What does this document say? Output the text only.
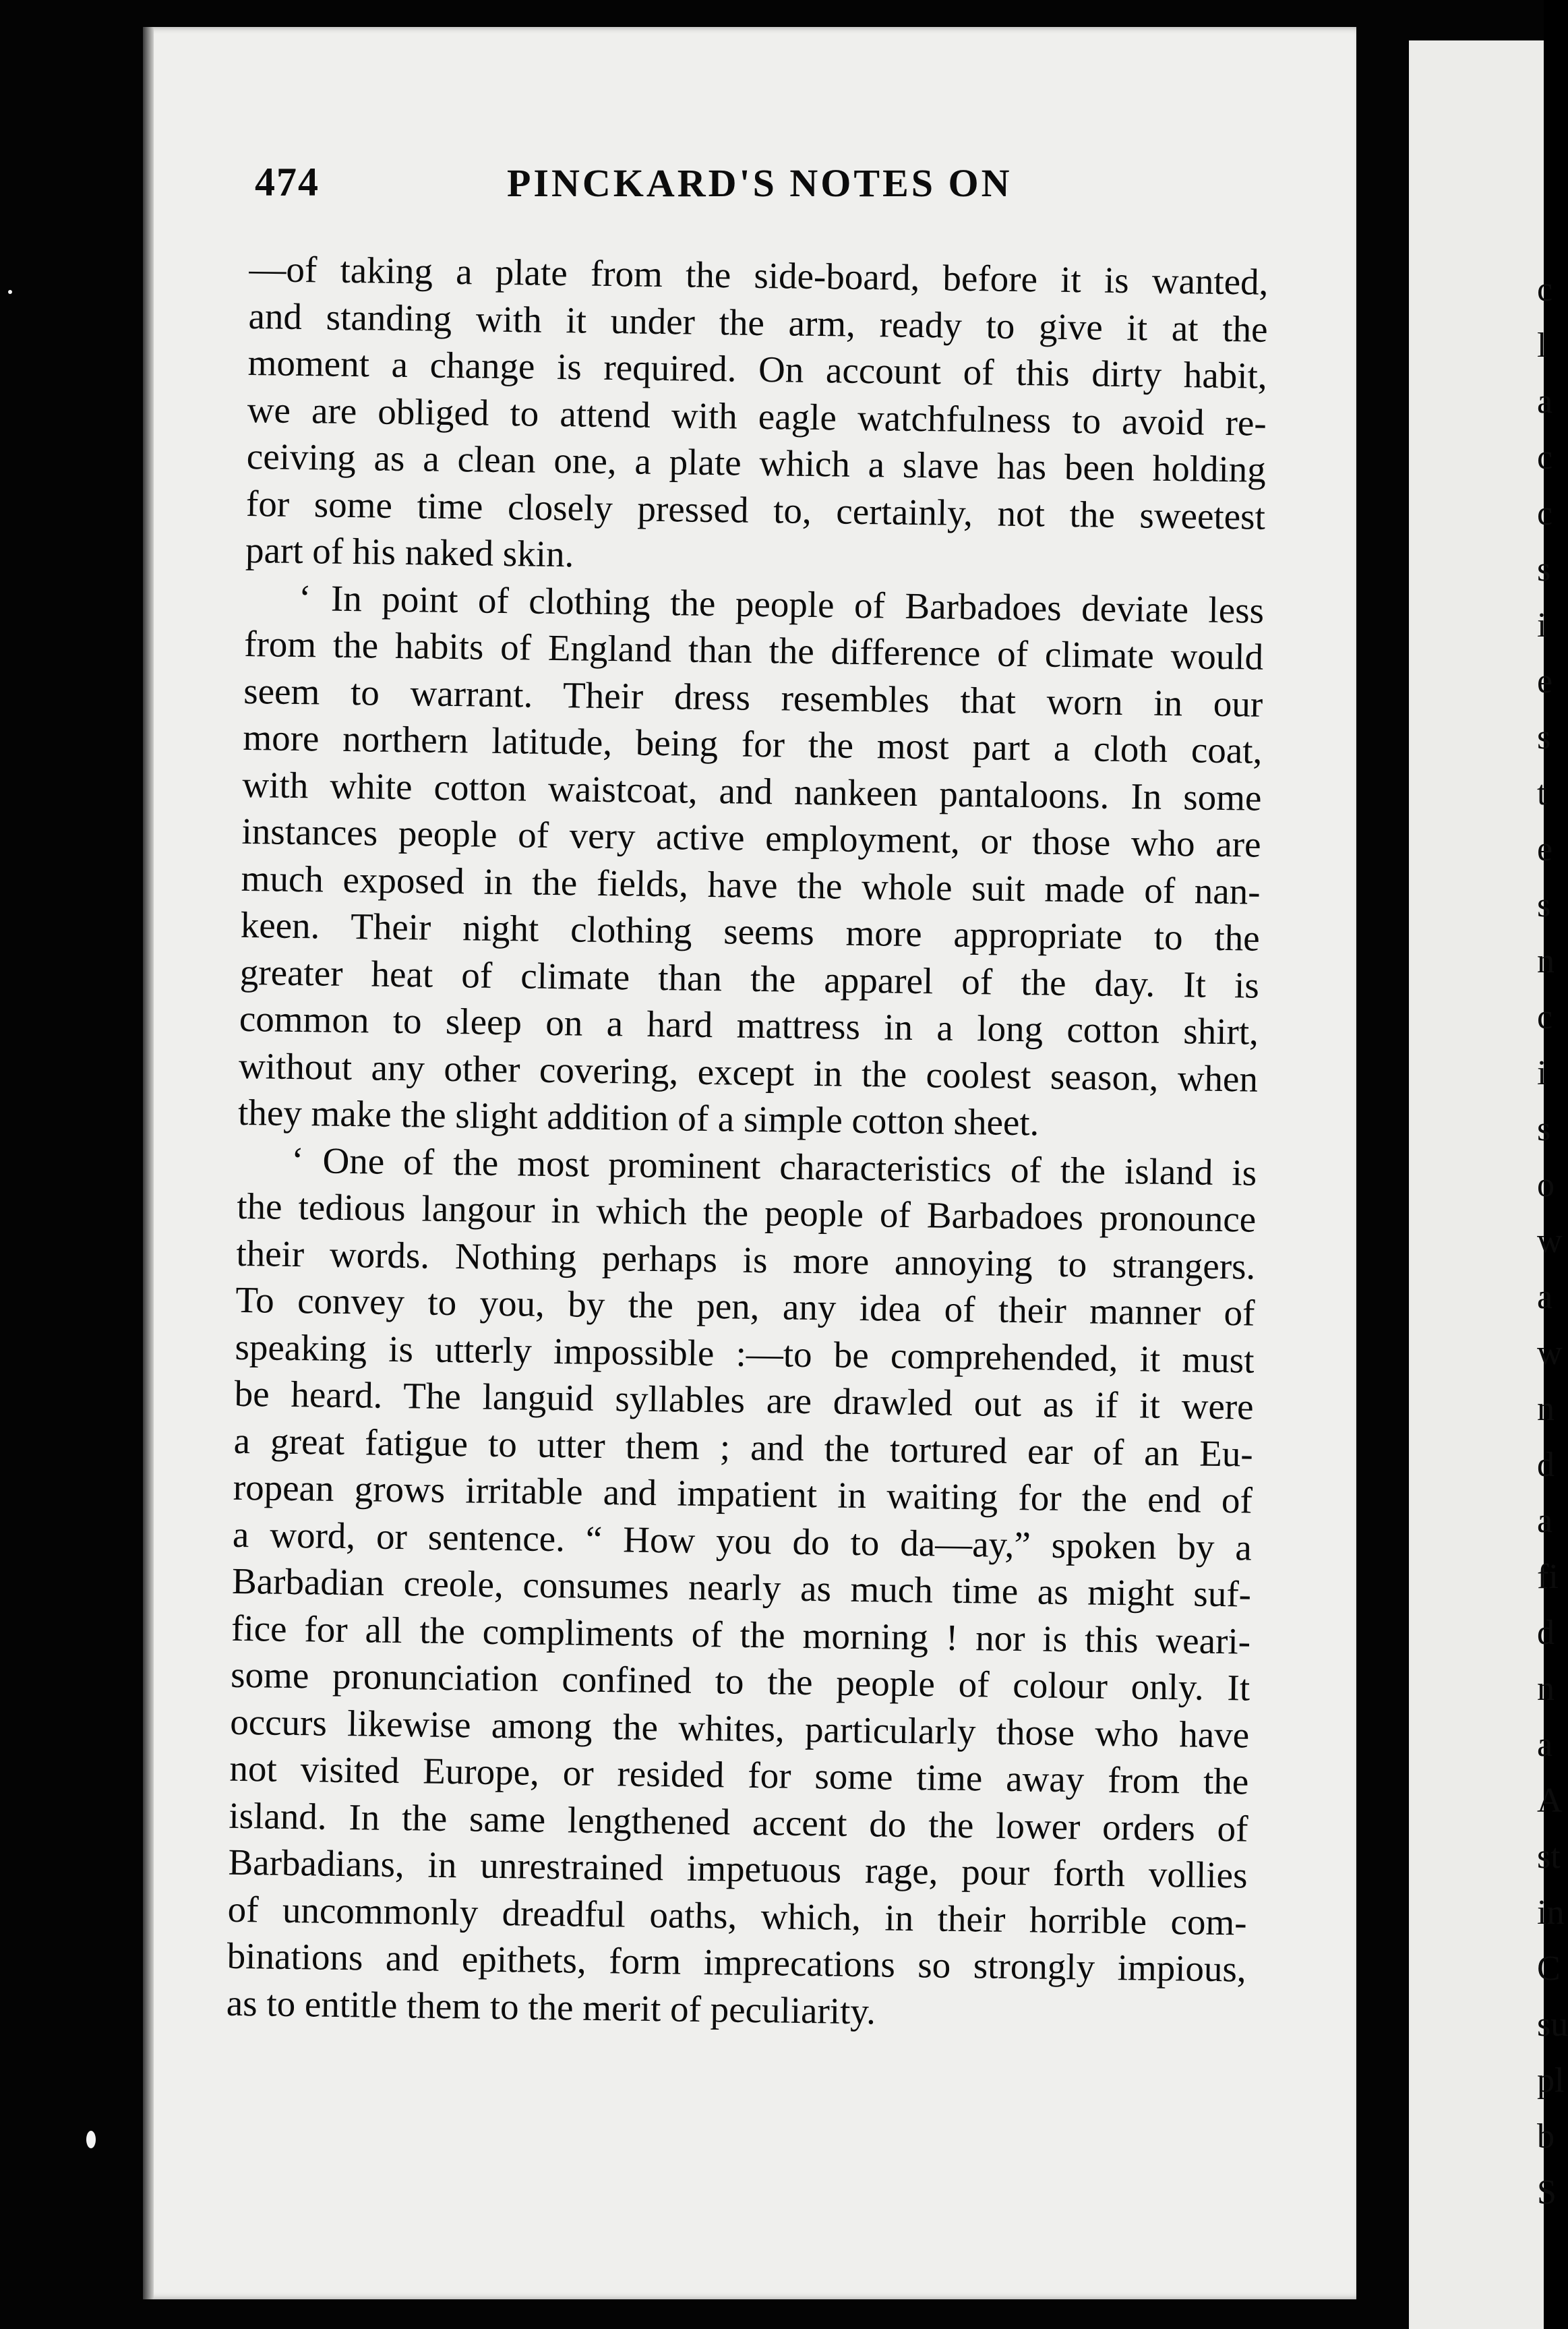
c
l
a
c
c
s
i
e
s
t
e
s
n
c
i
s
o
w
a
w
n
d
a
fi
d
n
a
A
st
in
C
su
pl
b
S
474	PINCKARD'S NOTES ON

—of taking a plate from the side-board, before it is wanted,
and standing with it under the arm, ready to give it at the
moment a change is required. On account of this dirty habit,
we are obliged to attend with eagle watchfulness to avoid re-
ceiving as a clean one, a plate which a slave has been holding
for some time closely pressed to, certainly, not the sweetest
part of his naked skin.

‘ In point of clothing the people of Barbadoes deviate less
from the habits of England than the difference of climate would
seem to warrant. Their dress resembles that worn in our
more northern latitude, being for the most part a cloth coat,
with white cotton waistcoat, and nankeen pantaloons. In some
instances people of very active employment, or those who are
much exposed in the fields, have the whole suit made of nan-
keen. Their night clothing seems more appropriate to the
greater heat of climate than the apparel of the day. It is
common to sleep on a hard mattress in a long cotton shirt,
without any other covering, except in the coolest season, when
they make the slight addition of a simple cotton sheet.

‘ One of the most prominent characteristics of the island is
the tedious langour in which the people of Barbadoes pronounce
their words. Nothing perhaps is more annoying to strangers.
To convey to you, by the pen, any idea of their manner of
speaking is utterly impossible :—to be comprehended, it must
be heard. The languid syllables are drawled out as if it were
a great fatigue to utter them ; and the tortured ear of an Eu-
ropean grows irritable and impatient in waiting for the end of
a word, or sentence. “ How you do to da—ay,” spoken by a
Barbadian creole, consumes nearly as much time as might suf-
fice for all the compliments of the morning ! nor is this weari-
some pronunciation confined to the people of colour only. It
occurs likewise among the whites, particularly those who have
not visited Europe, or resided for some time away from the
island. In the same lengthened accent do the lower orders of
Barbadians, in unrestrained impetuous rage, pour forth vollies
of uncommonly dreadful oaths, which, in their horrible com-
binations and epithets, form imprecations so strongly impious,
as to entitle them to the merit of peculiarity.
